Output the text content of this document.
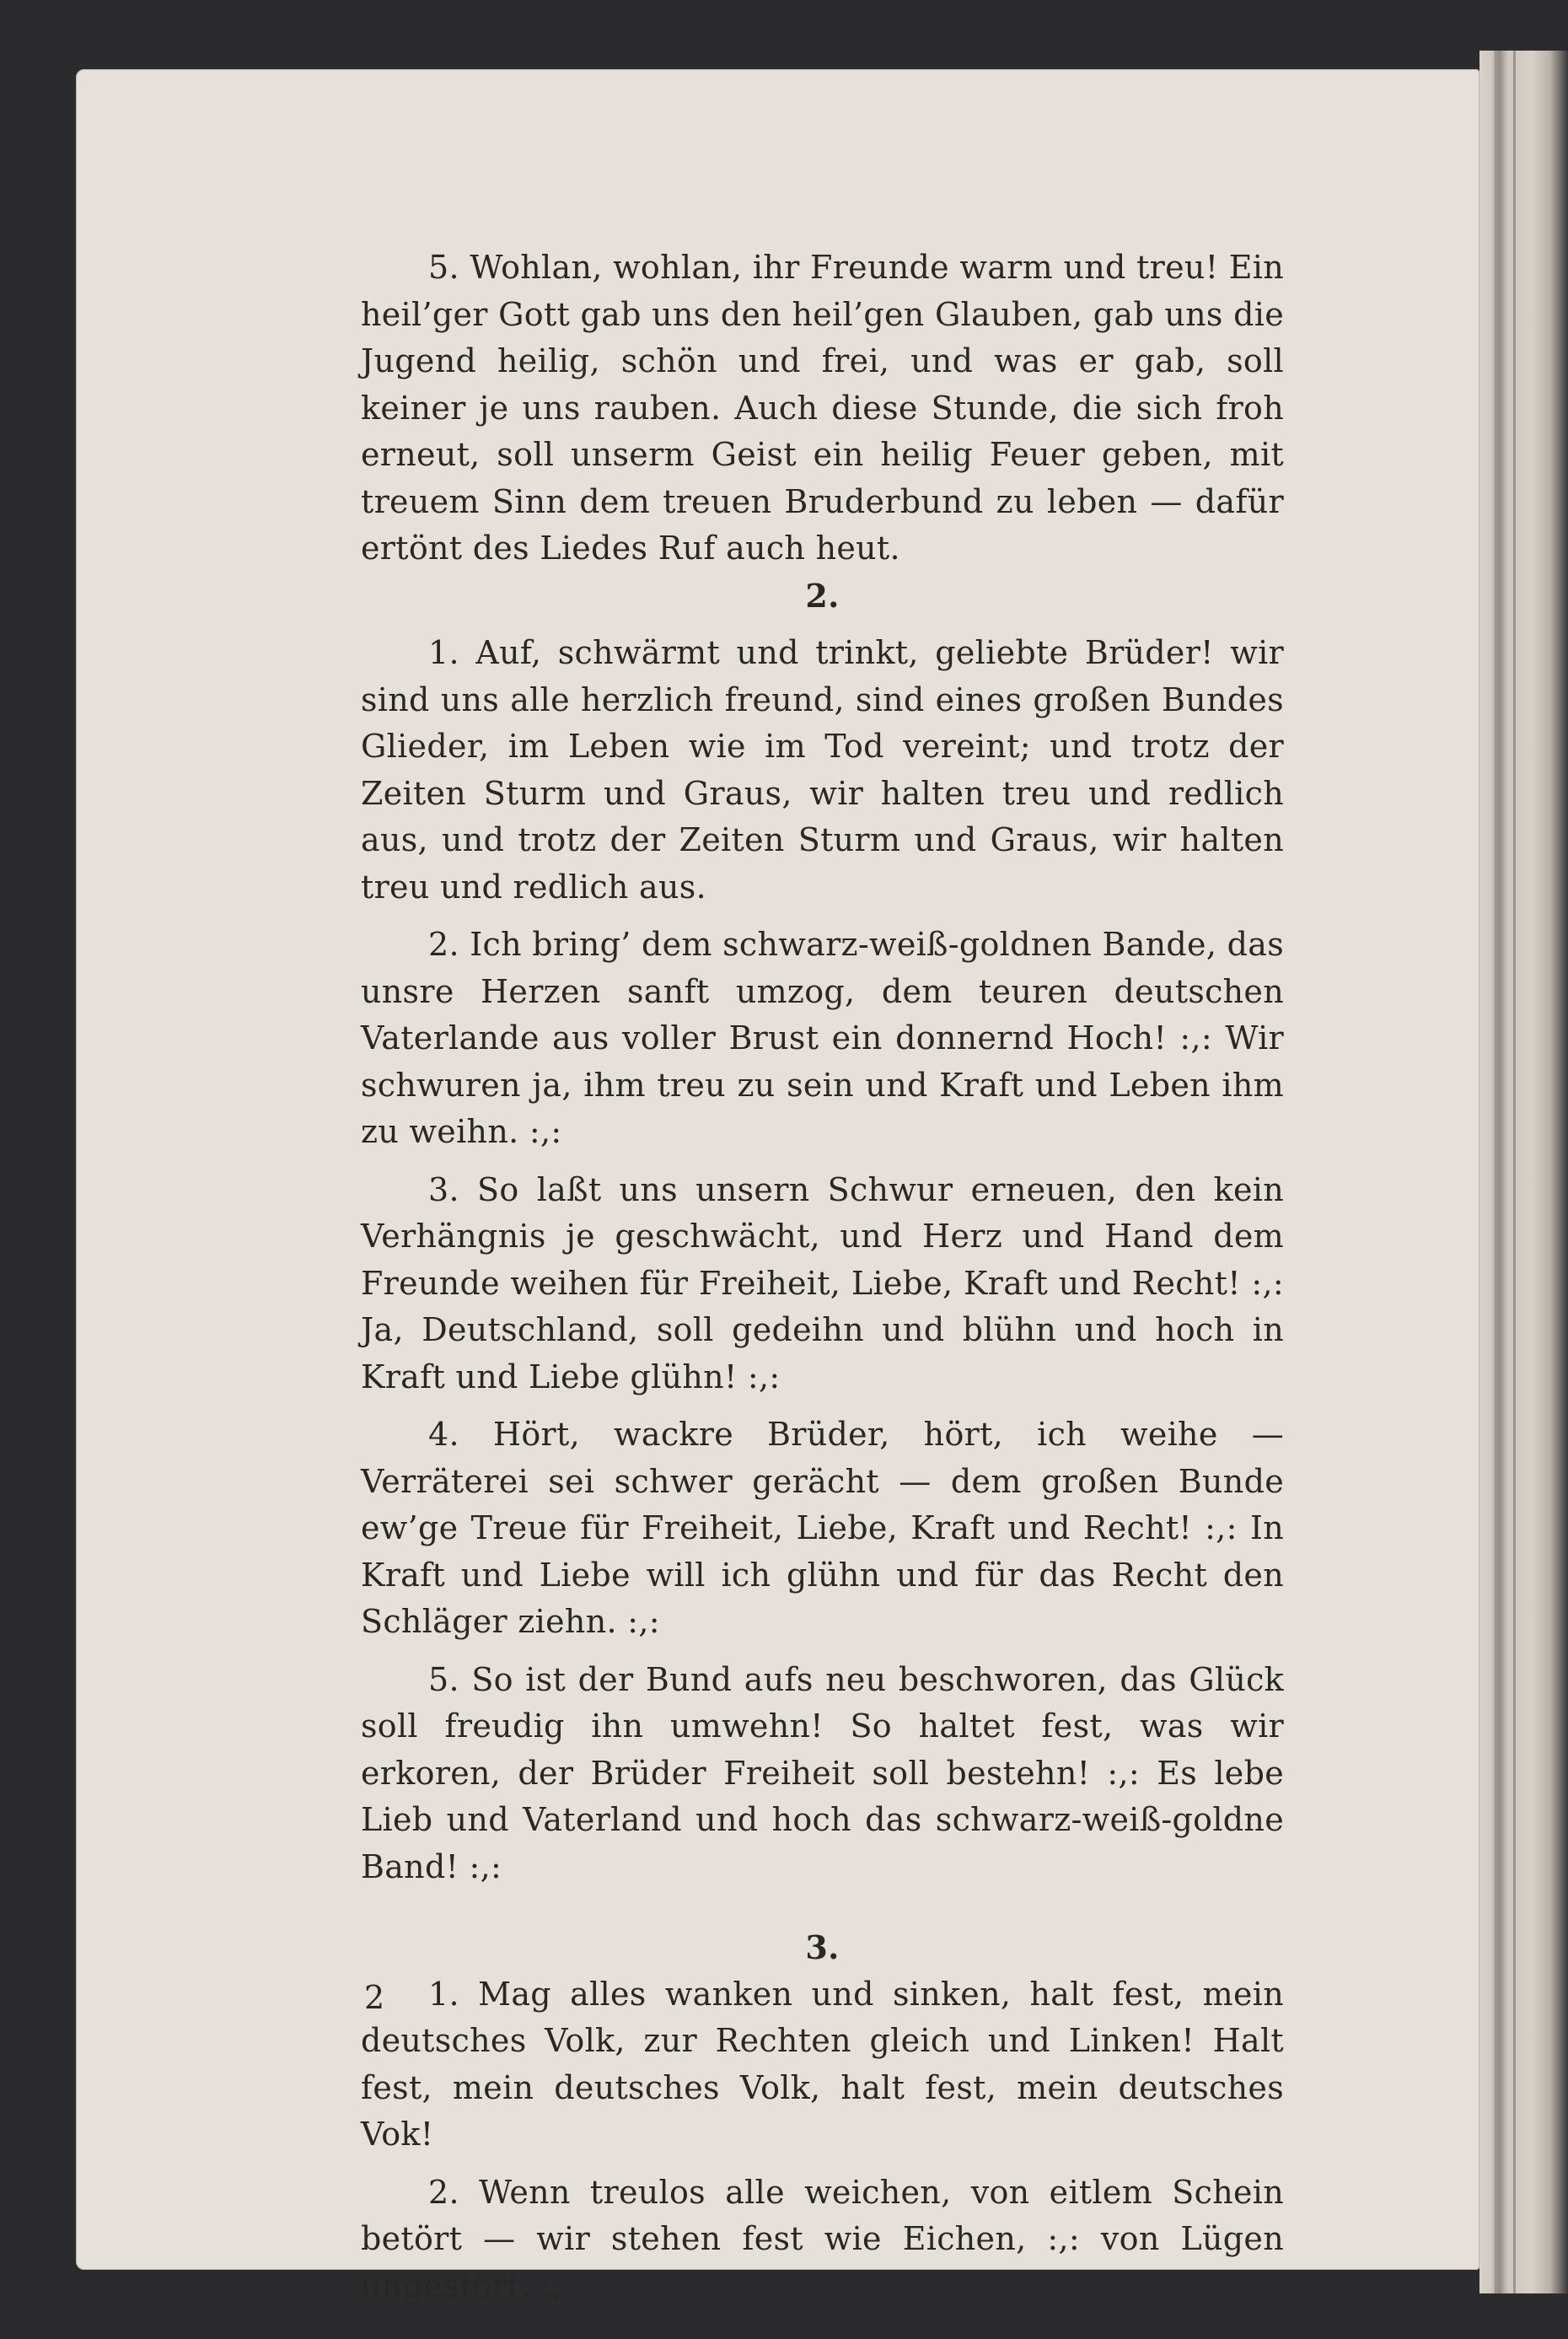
5. Wohlan, wohlan, ihr Freunde warm und treu! Ein heil’ger Gott gab uns den heil’gen Glauben, gab uns die Jugend heilig, schön und frei, und was er gab, soll keiner je uns rauben. Auch diese Stunde, die sich froh erneut, soll unserm Geist ein heilig Feuer geben, mit treuem Sinn dem treuen Bruderbund zu leben — dafür ertönt des Liedes Ruf auch heut.

2.

1. Auf, schwärmt und trinkt, geliebte Brüder! wir sind uns alle herzlich freund, sind eines großen Bundes Glieder, im Leben wie im Tod vereint; und trotz der Zeiten Sturm und Graus, wir halten treu und redlich aus, und trotz der Zeiten Sturm und Graus, wir halten treu und redlich aus.

2. Ich bring’ dem schwarz-weiß-goldnen Bande, das unsre Herzen sanft umzog, dem teuren deutschen Vaterlande aus voller Brust ein donnernd Hoch! :,: Wir schwuren ja, ihm treu zu sein und Kraft und Leben ihm zu weihn. :,:

3. So laßt uns unsern Schwur erneuen, den kein Verhängnis je geschwächt, und Herz und Hand dem Freunde weihen für Freiheit, Liebe, Kraft und Recht! :,: Ja, Deutschland, soll gedeihn und blühn und hoch in Kraft und Liebe glühn! :,:

4. Hört, wackre Brüder, hört, ich weihe — Verräterei sei schwer gerächt — dem großen Bunde ew’ge Treue für Freiheit, Liebe, Kraft und Recht! :,: In Kraft und Liebe will ich glühn und für das Recht den Schläger ziehn. :,:

5. So ist der Bund aufs neu beschworen, das Glück soll freudig ihn umwehn! So haltet fest, was wir erkoren, der Brüder Freiheit soll bestehn! :,: Es lebe Lieb und Vaterland und hoch das schwarz-weiß-goldne Band! :,:

3.

1. Mag alles wanken und sinken, halt fest, mein deutsches Volk, zur Rechten gleich und Linken! Halt fest, mein deutsches Volk, halt fest, mein deutsches Vok!

2. Wenn treulos alle weichen, von eitlem Schein betört — wir stehen fest wie Eichen, :,: von Lügen ungestört. :,:

2
